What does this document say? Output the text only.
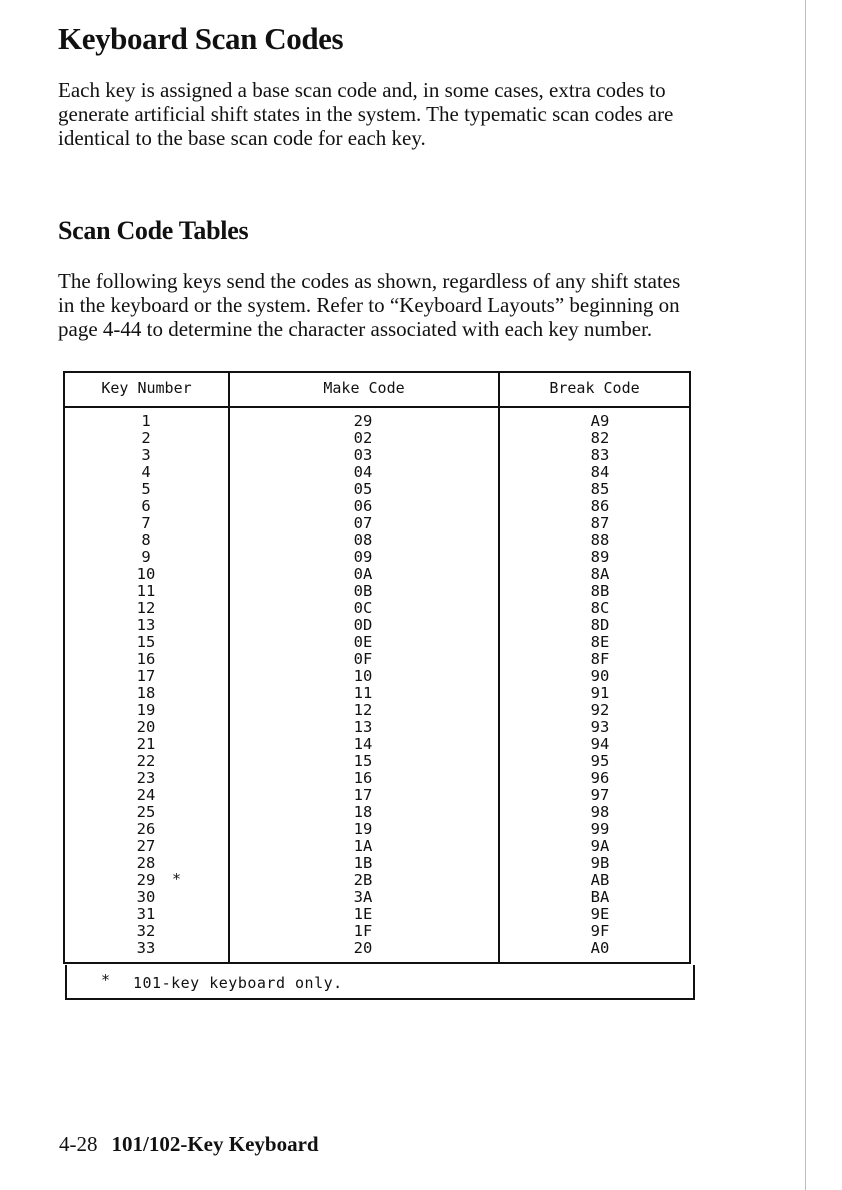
Keyboard Scan Codes

Each key is assigned a base scan code and, in some cases, extra codes to generate artificial shift states in the system. The typematic scan codes are identical to the base scan code for each key.

Scan Code Tables

The following keys send the codes as shown, regardless of any shift states in the keyboard or the system. Refer to “Keyboard Layouts” beginning on page 4-44 to determine the character associated with each key number.

Key Number	Make Code	Break Code
1
2
3
4
5
6
7
8
9
10
11
12
13
15
16
17
18
19
20
21
22
23
24
25
26
27
28
29
30
31
32
33
29
02
03
04
05
06
07
08
09
0A
0B
0C
0D
0E
0F
10
11
12
13
14
15
16
17
18
19
1A
1B
2B
3A
1E
1F
20
A9
82
83
84
85
86
87
88
89
8A
8B
8C
8D
8E
8F
90
91
92
93
94
95
96
97
98
99
9A
9B
AB
BA
9E
9F
A0
*
* 101-key keyboard only.
4-28 101/102-Key Keyboard
